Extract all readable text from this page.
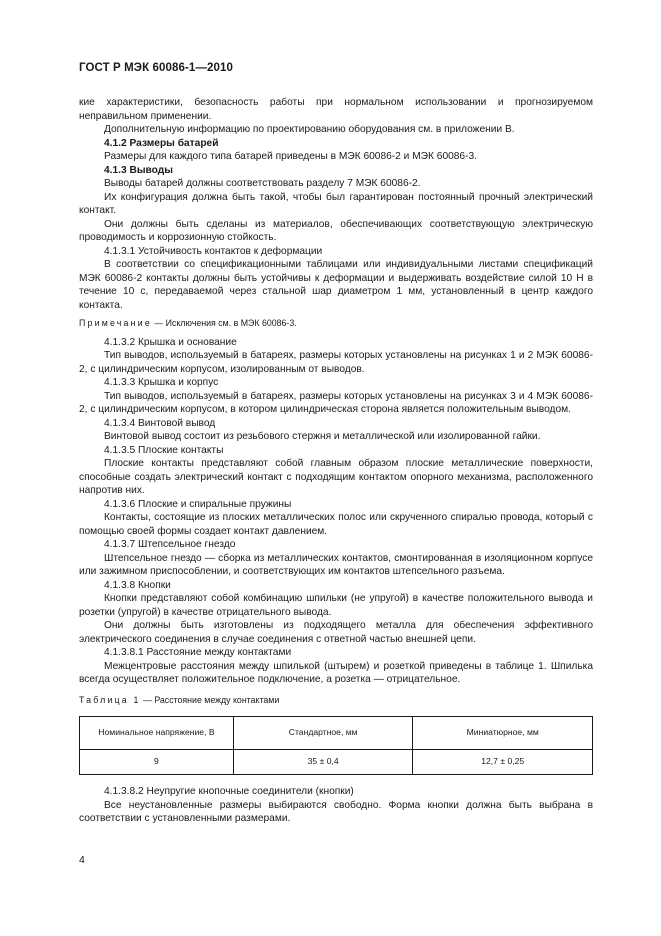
ГОСТ Р МЭК 60086-1—2010

кие характеристики, безопасность работы при нормальном использовании и прогнозируемом неправильном применении.

Дополнительную информацию по проектированию оборудования см. в приложении В.

4.1.2 Размеры батарей

Размеры для каждого типа батарей приведены в МЭК 60086-2 и МЭК 60086-3.

4.1.3 Выводы

Выводы батарей должны соответствовать разделу 7 МЭК 60086-2.

Их конфигурация должна быть такой, чтобы был гарантирован постоянный прочный электрический контакт.

Они должны быть сделаны из материалов, обеспечивающих соответствующую электрическую проводимость и коррозионную стойкость.

4.1.3.1 Устойчивость контактов к деформации

В соответствии со спецификационными таблицами или индивидуальными листами спецификаций МЭК 60086-2 контакты должны быть устойчивы к деформации и выдерживать воздействие силой 10 Н в течение 10 с, передаваемой через стальной шар диаметром 1 мм, установленный в центр каждого контакта.

Примечание — Исключения см. в МЭК 60086-3.

4.1.3.2 Крышка и основание

Тип выводов, используемый в батареях, размеры которых установлены на рисунках 1 и 2 МЭК 60086-2, с цилиндрическим корпусом, изолированным от выводов.

4.1.3.3 Крышка и корпус

Тип выводов, используемый в батареях, размеры которых установлены на рисунках 3 и 4 МЭК 60086-2, с цилиндрическим корпусом, в котором цилиндрическая сторона является положительным выводом.

4.1.3.4 Винтовой вывод

Винтовой вывод состоит из резьбового стержня и металлической или изолированной гайки.

4.1.3.5 Плоские контакты

Плоские контакты представляют собой главным образом плоские металлические поверхности, способные создать электрический контакт с подходящим контактом опорного механизма, расположенного напротив них.

4.1.3.6 Плоские и спиральные пружины

Контакты, состоящие из плоских металлических полос или скрученного спиралью провода, который с помощью своей формы создает контакт давлением.

4.1.3.7 Штепсельное гнездо

Штепсельное гнездо — сборка из металлических контактов, смонтированная в изоляционном корпусе или зажимном приспособлении, и соответствующих им контактов штепсельного разъема.

4.1.3.8 Кнопки

Кнопки представляют собой комбинацию шпильки (не упругой) в качестве положительного вывода и розетки (упругой) в качестве отрицательного вывода.

Они должны быть изготовлены из подходящего металла для обеспечения эффективного электрического соединения в случае соединения с ответной частью внешней цепи.

4.1.3.8.1 Расстояние между контактами

Межцентровые расстояния между шпилькой (штырем) и розеткой приведены в таблице 1. Шпилька всегда осуществляет положительное подключение, а розетка — отрицательное.

Таблица 1 — Расстояние между контактами

Номинальное напряжение, В	Стандартное, мм	Миниатюрное, мм
9	35 ± 0,4	12,7 ± 0,25

4.1.3.8.2 Неупругие кнопочные соединители (кнопки)

Все неустановленные размеры выбираются свободно. Форма кнопки должна быть выбрана в соответствии с установленными размерами.

4
